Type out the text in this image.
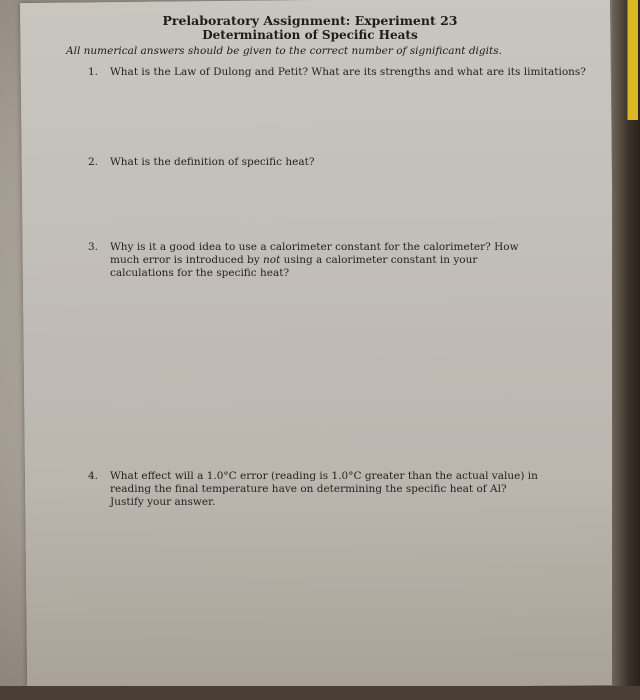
Prelaboratory Assignment: Experiment 23
Determination of Specific Heats
All numerical answers should be given to the correct number of significant digits.
1.	What is the Law of Dulong and Petit? What are its strengths and what are its limitations?
2.	What is the definition of specific heat?
3.	Why is it a good idea to use a calorimeter constant for the calorimeter? How much error is introduced by not using a calorimeter constant in your calculations for the specific heat?
4.	What effect will a 1.0°C error (reading is 1.0°C greater than the actual value) in reading the final temperature have on determining the specific heat of Al? Justify your answer.
